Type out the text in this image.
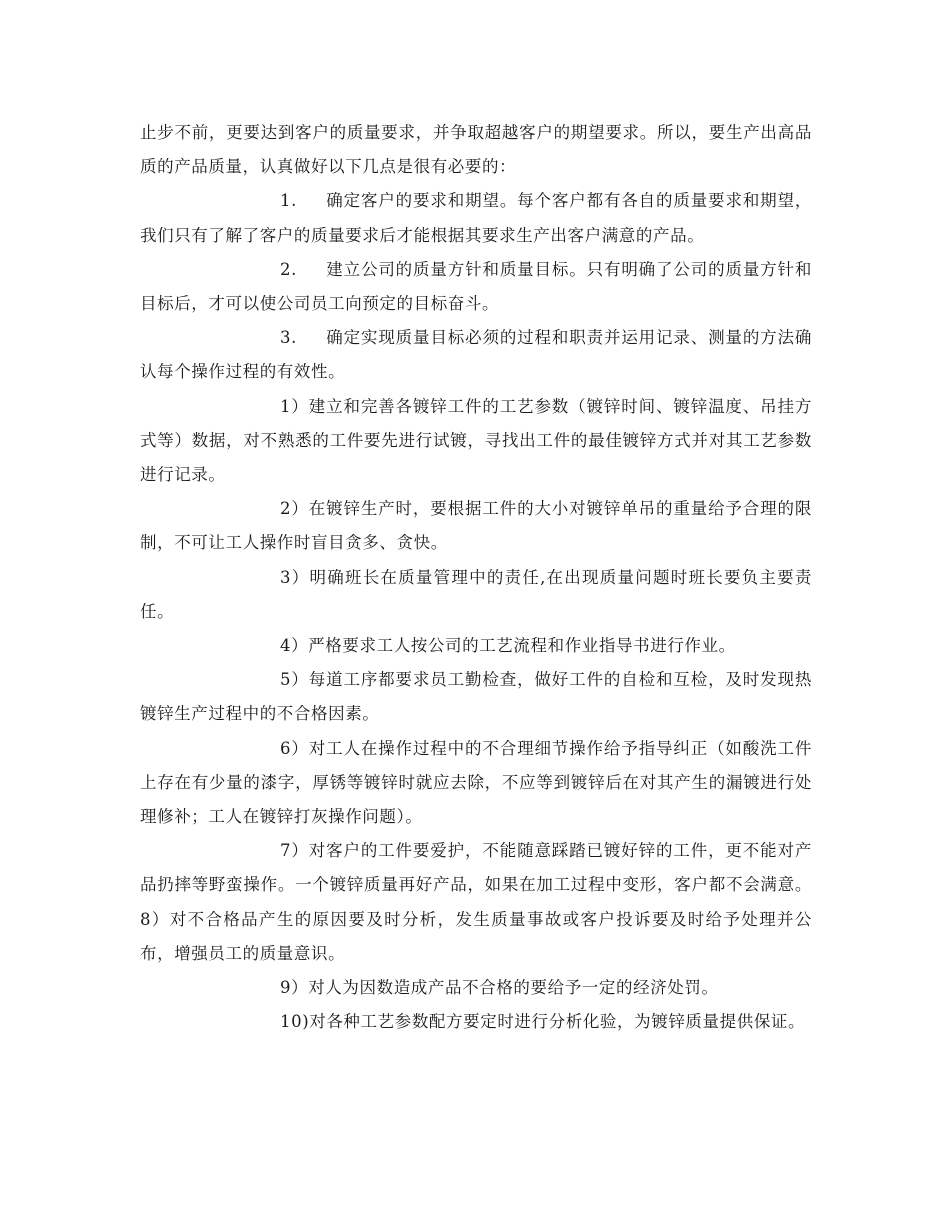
止步不前，更要达到客户的质量要求，并争取超越客户的期望要求。所以，要生产出高品质的产品质量，认真做好以下几点是很有必要的：

1. 确定客户的要求和期望。每个客户都有各自的质量要求和期望，我们只有了解了客户的质量要求后才能根据其要求生产出客户满意的产品。

2. 建立公司的质量方针和质量目标。只有明确了公司的质量方针和目标后，才可以使公司员工向预定的目标奋斗。

3. 确定实现质量目标必须的过程和职责并运用记录、测量的方法确认每个操作过程的有效性。

1）建立和完善各镀锌工件的工艺参数（镀锌时间、镀锌温度、吊挂方式等）数据，对不熟悉的工件要先进行试镀，寻找出工件的最佳镀锌方式并对其工艺参数进行记录。

2）在镀锌生产时，要根据工件的大小对镀锌单吊的重量给予合理的限制，不可让工人操作时盲目贪多、贪快。

3）明确班长在质量管理中的责任,在出现质量问题时班长要负主要责任。

4）严格要求工人按公司的工艺流程和作业指导书进行作业。

5）每道工序都要求员工勤检查，做好工件的自检和互检，及时发现热镀锌生产过程中的不合格因素。

6）对工人在操作过程中的不合理细节操作给予指导纠正（如酸洗工件上存在有少量的漆字，厚锈等镀锌时就应去除，不应等到镀锌后在对其产生的漏镀进行处理修补；工人在镀锌打灰操作问题）。

7）对客户的工件要爱护，不能随意踩踏已镀好锌的工件，更不能对产品扔摔等野蛮操作。一个镀锌质量再好产品，如果在加工过程中变形，客户都不会满意。8）对不合格品产生的原因要及时分析，发生质量事故或客户投诉要及时给予处理并公布，增强员工的质量意识。

9）对人为因数造成产品不合格的要给予一定的经济处罚。

10)对各种工艺参数配方要定时进行分析化验，为镀锌质量提供保证。
